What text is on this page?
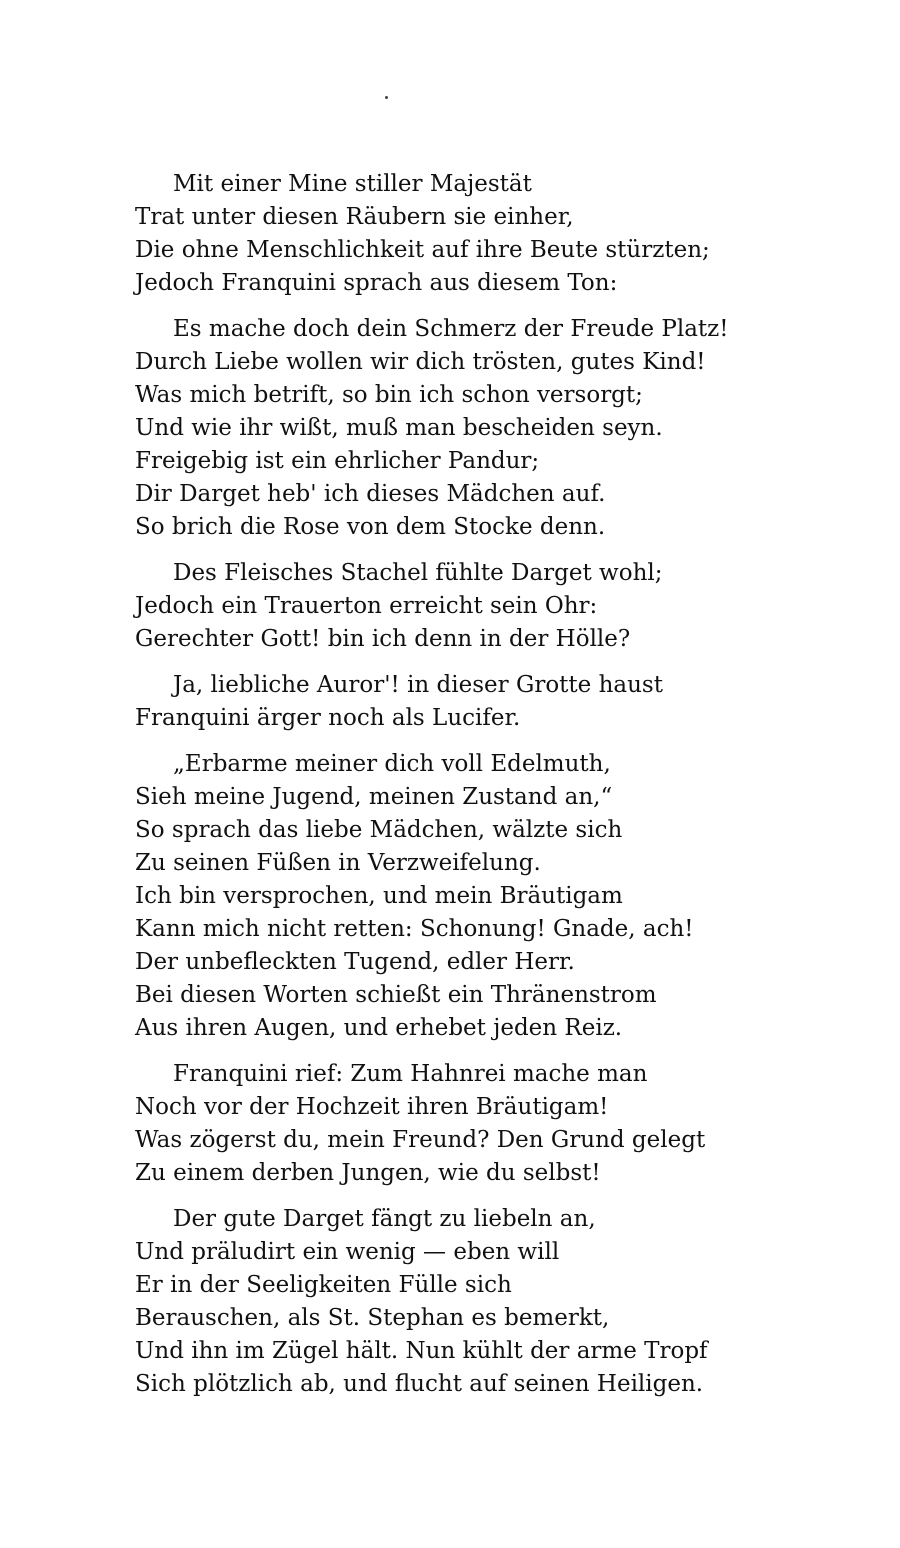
Mit einer Mine stiller Majestät
Trat unter diesen Räubern sie einher,
Die ohne Menschlichkeit auf ihre Beute stürzten;
Jedoch Franquini sprach aus diesem Ton:
Es mache doch dein Schmerz der Freude Platz!
Durch Liebe wollen wir dich trösten, gutes Kind!
Was mich betrift, so bin ich schon versorgt;
Und wie ihr wißt, muß man bescheiden seyn.
Freigebig ist ein ehrlicher Pandur;
Dir Darget heb' ich dieses Mädchen auf.
So brich die Rose von dem Stocke denn.
Des Fleisches Stachel fühlte Darget wohl;
Jedoch ein Trauerton erreicht sein Ohr:
Gerechter Gott! bin ich denn in der Hölle?
Ja, liebliche Auror'! in dieser Grotte haust
Franquini ärger noch als Lucifer.
„Erbarme meiner dich voll Edelmuth,
Sieh meine Jugend, meinen Zustand an,“
So sprach das liebe Mädchen, wälzte sich
Zu seinen Füßen in Verzweifelung.
Ich bin versprochen, und mein Bräutigam
Kann mich nicht retten: Schonung! Gnade, ach!
Der unbefleckten Tugend, edler Herr.
Bei diesen Worten schießt ein Thränenstrom
Aus ihren Augen, und erhebet jeden Reiz.
Franquini rief: Zum Hahnrei mache man
Noch vor der Hochzeit ihren Bräutigam!
Was zögerst du, mein Freund? Den Grund gelegt
Zu einem derben Jungen, wie du selbst!
Der gute Darget fängt zu liebeln an,
Und präludirt ein wenig — eben will
Er in der Seeligkeiten Fülle sich
Berauschen, als St. Stephan es bemerkt,
Und ihn im Zügel hält. Nun kühlt der arme Tropf
Sich plötzlich ab, und flucht auf seinen Heiligen.
